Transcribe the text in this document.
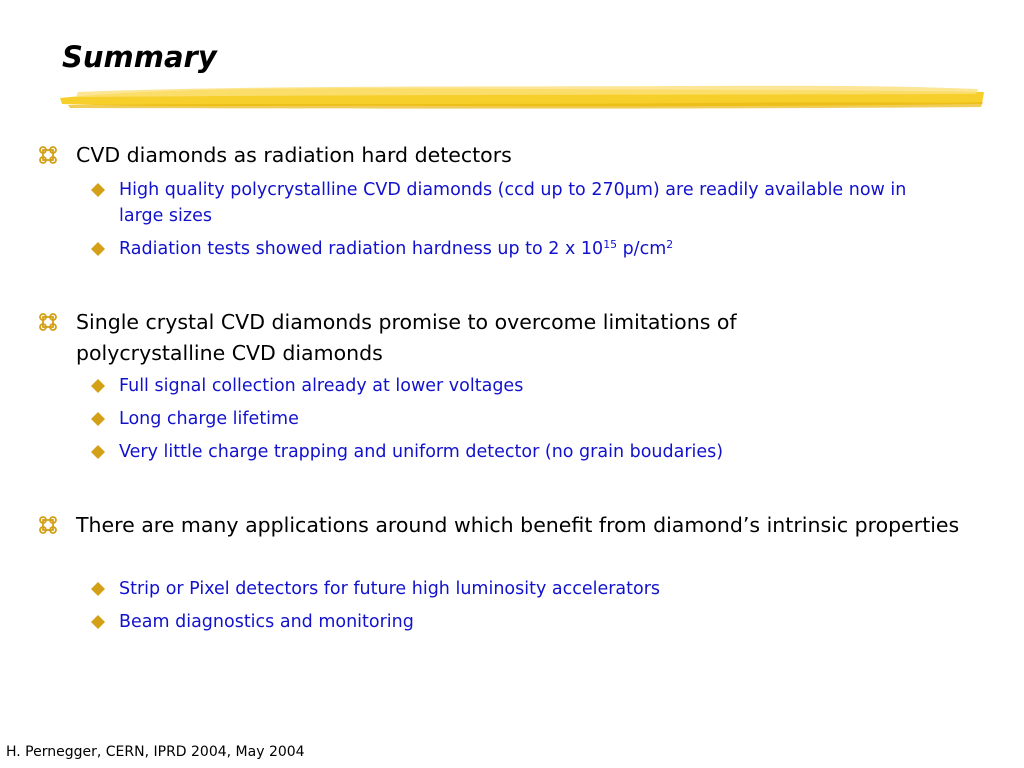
Summary
CVD diamonds as radiation hard detectors
High quality polycrystalline CVD diamonds (ccd up to 270μm) are readily available now in large sizes
Radiation tests showed radiation hardness up to 2 x $10^{15}$ $p/cm^2$
Single crystal CVD diamonds promise to overcome limitations of polycrystalline CVD diamonds
Full signal collection already at lower voltages
Long charge lifetime
Very little charge trapping and uniform detector (no grain boudaries)
There are many applications around which benefit from diamond’s intrinsic properties
Strip or Pixel detectors for future high luminosity accelerators
Beam diagnostics and monitoring
H. Pernegger, CERN, IPRD 2004, May 2004
